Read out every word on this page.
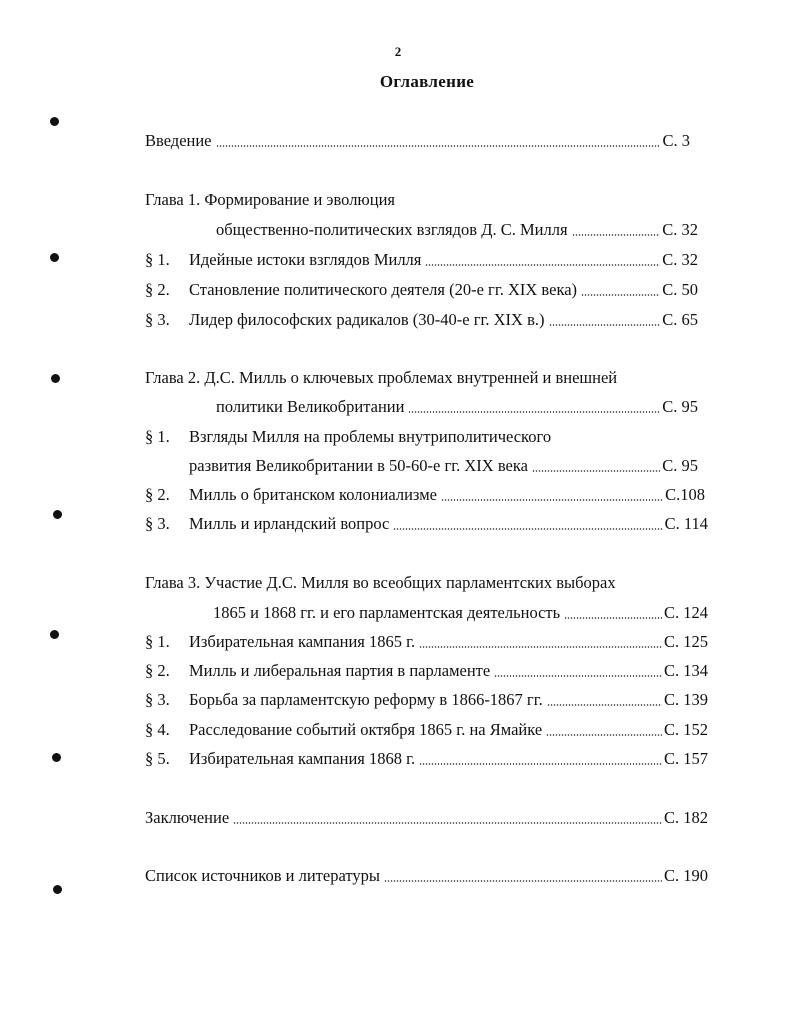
2
Оглавление
Введение	С. 3
Глава 1. Формирование и эволюция
общественно-политических взглядов Д. С. Милля	С. 32
§ 1. Идейные истоки взглядов Милля	С. 32
§ 2. Становление политического деятеля (20-е гг. XIX века)	С. 50
§ 3. Лидер философских радикалов (30-40-е гг. XIX в.)	С. 65
Глава 2. Д.С. Милль о ключевых проблемах внутренней и внешней
политики Великобритании	С. 95
§ 1. Взгляды Милля на проблемы внутриполитического
развития Великобритании в 50-60-е гг. XIX века	С. 95
§ 2. Милль о британском колониализме	С.108
§ 3. Милль и ирландский вопрос	С. 114
Глава 3. Участие Д.С. Милля во всеобщих парламентских выборах
1865 и 1868 гг. и его парламентская деятельность	С. 124
§ 1. Избирательная кампания 1865 г.	С. 125
§ 2. Милль и либеральная партия в парламенте	С. 134
§ 3. Борьба за парламентскую реформу в 1866-1867 гг.	С. 139
§ 4. Расследование событий октября 1865 г. на Ямайке	С. 152
§ 5. Избирательная кампания 1868 г.	С. 157
Заключение	С. 182
Список источников и литературы	С. 190
